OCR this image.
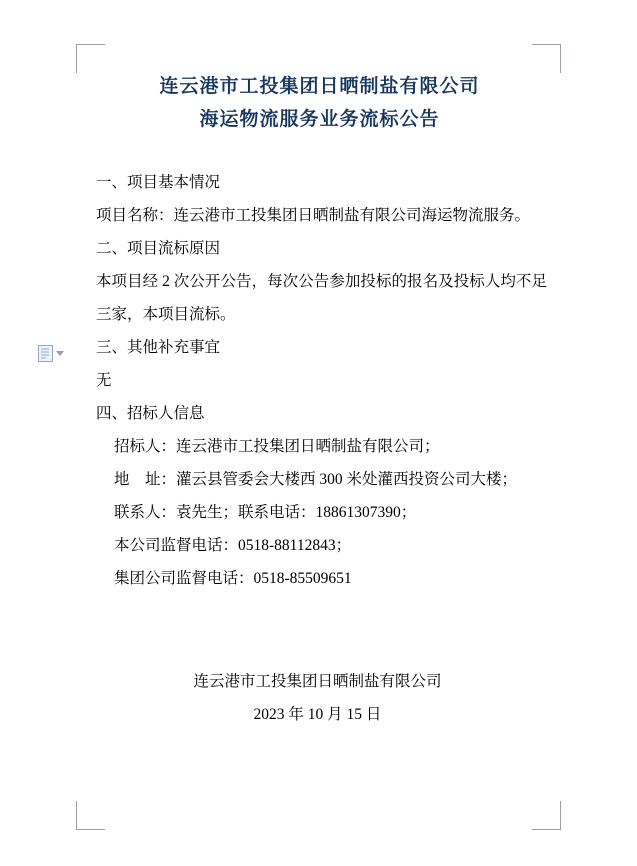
连云港市工投集团日晒制盐有限公司
海运物流服务业务流标公告

一、项目基本情况

项目名称：连云港市工投集团日晒制盐有限公司海运物流服务。

二、项目流标原因

本项目经 2 次公开公告，每次公告参加投标的报名及投标人均不足三家，本项目流标。

三、其他补充事宜

无

四、招标人信息

招标人：连云港市工投集团日晒制盐有限公司；

地　址：灌云县管委会大楼西 300 米处灌西投资公司大楼；

联系人：袁先生；联系电话：18861307390；

本公司监督电话：0518-88112843；

集团公司监督电话：0518-85509651

连云港市工投集团日晒制盐有限公司

2023 年 10 月 15 日
